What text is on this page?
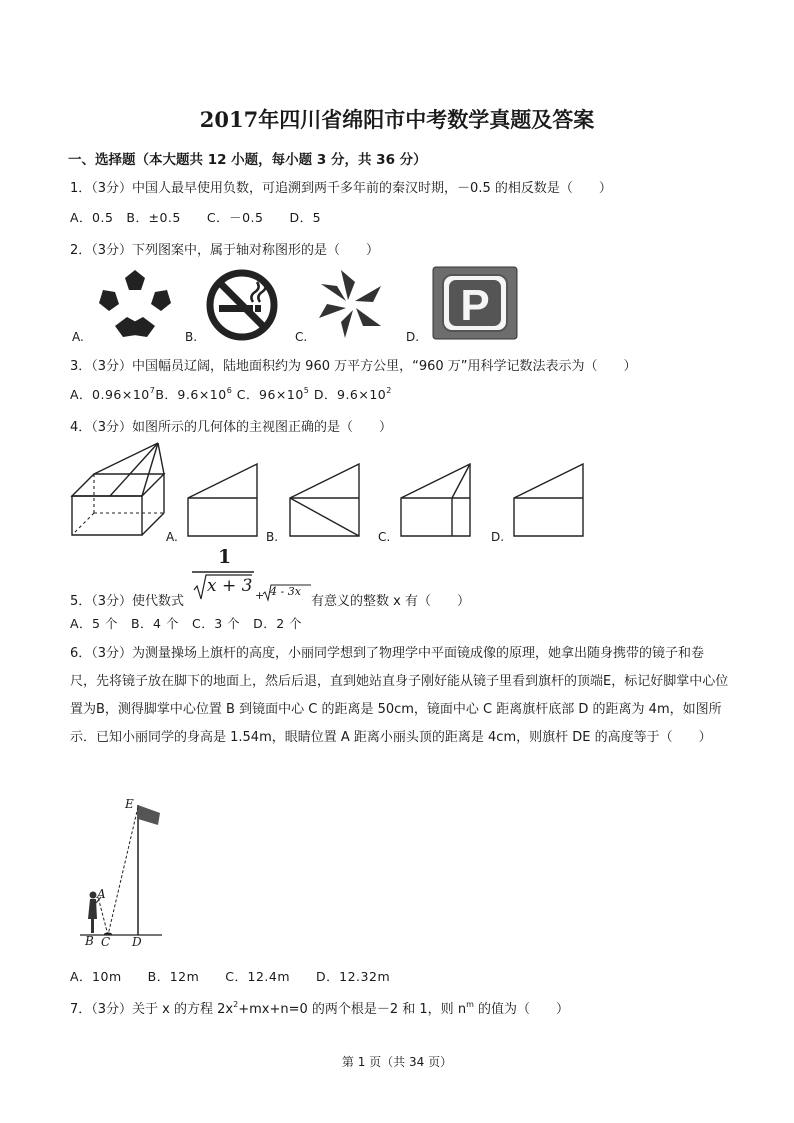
2017年四川省绵阳市中考数学真题及答案
一、选择题（本大题共 12 小题，每小题 3 分，共 36 分）
1．（3分）中国人最早使用负数，可追溯到两千多年前的秦汉时期，－0.5 的相反数是（　　）
A．0.5　B．±0.5　　C．－0.5　　D．5
2．（3分）下列图案中，属于轴对称图形的是（　　）
A.	B.	C.	D.
P
3．（3分）中国幅员辽阔，陆地面积约为 960 万平方公里，“960 万”用科学记数法表示为（　　）
A．$0.96\times 10^7B$．$9.6\times 10^6$ C．$96\times 10^5$ D．$9.6\times 10^2$
4．（3分）如图所示的几何体的主视图正确的是（　　）
A.	B.	C.	D.
5．（3分）使代数式
1
x + 3 + 4 - 3x
有意义的整数 x 有（　　）
A．5 个　B．4 个　C．3 个　D．2 个
6．（3分）为测量操场上旗杆的高度，小丽同学想到了物理学中平面镜成像的原理，她拿出随身携带的镜子和卷尺，先将镜子放在脚下的地面上，然后后退，直到她站直身子刚好能从镜子里看到旗杆的顶端E，标记好脚掌中心位置为B，测得脚掌中心位置 B 到镜面中心 C 的距离是 50cm，镜面中心 C 距离旗杆底部 D 的距离为 4m，如图所示．已知小丽同学的身高是 1.54m，眼睛位置 A 距离小丽头顶的距离是 4cm，则旗杆 DE 的高度等于（　　）
E
A
B C D
A．10m　　B．12m　　C．12.4m　　D．12.32m
7．（3分）关于 x 的方程 $2x^2+mx+n=0$ 的两个根是－2 和 1，则 $n^m$ 的值为（　　）
第 1 页（共 34 页）
